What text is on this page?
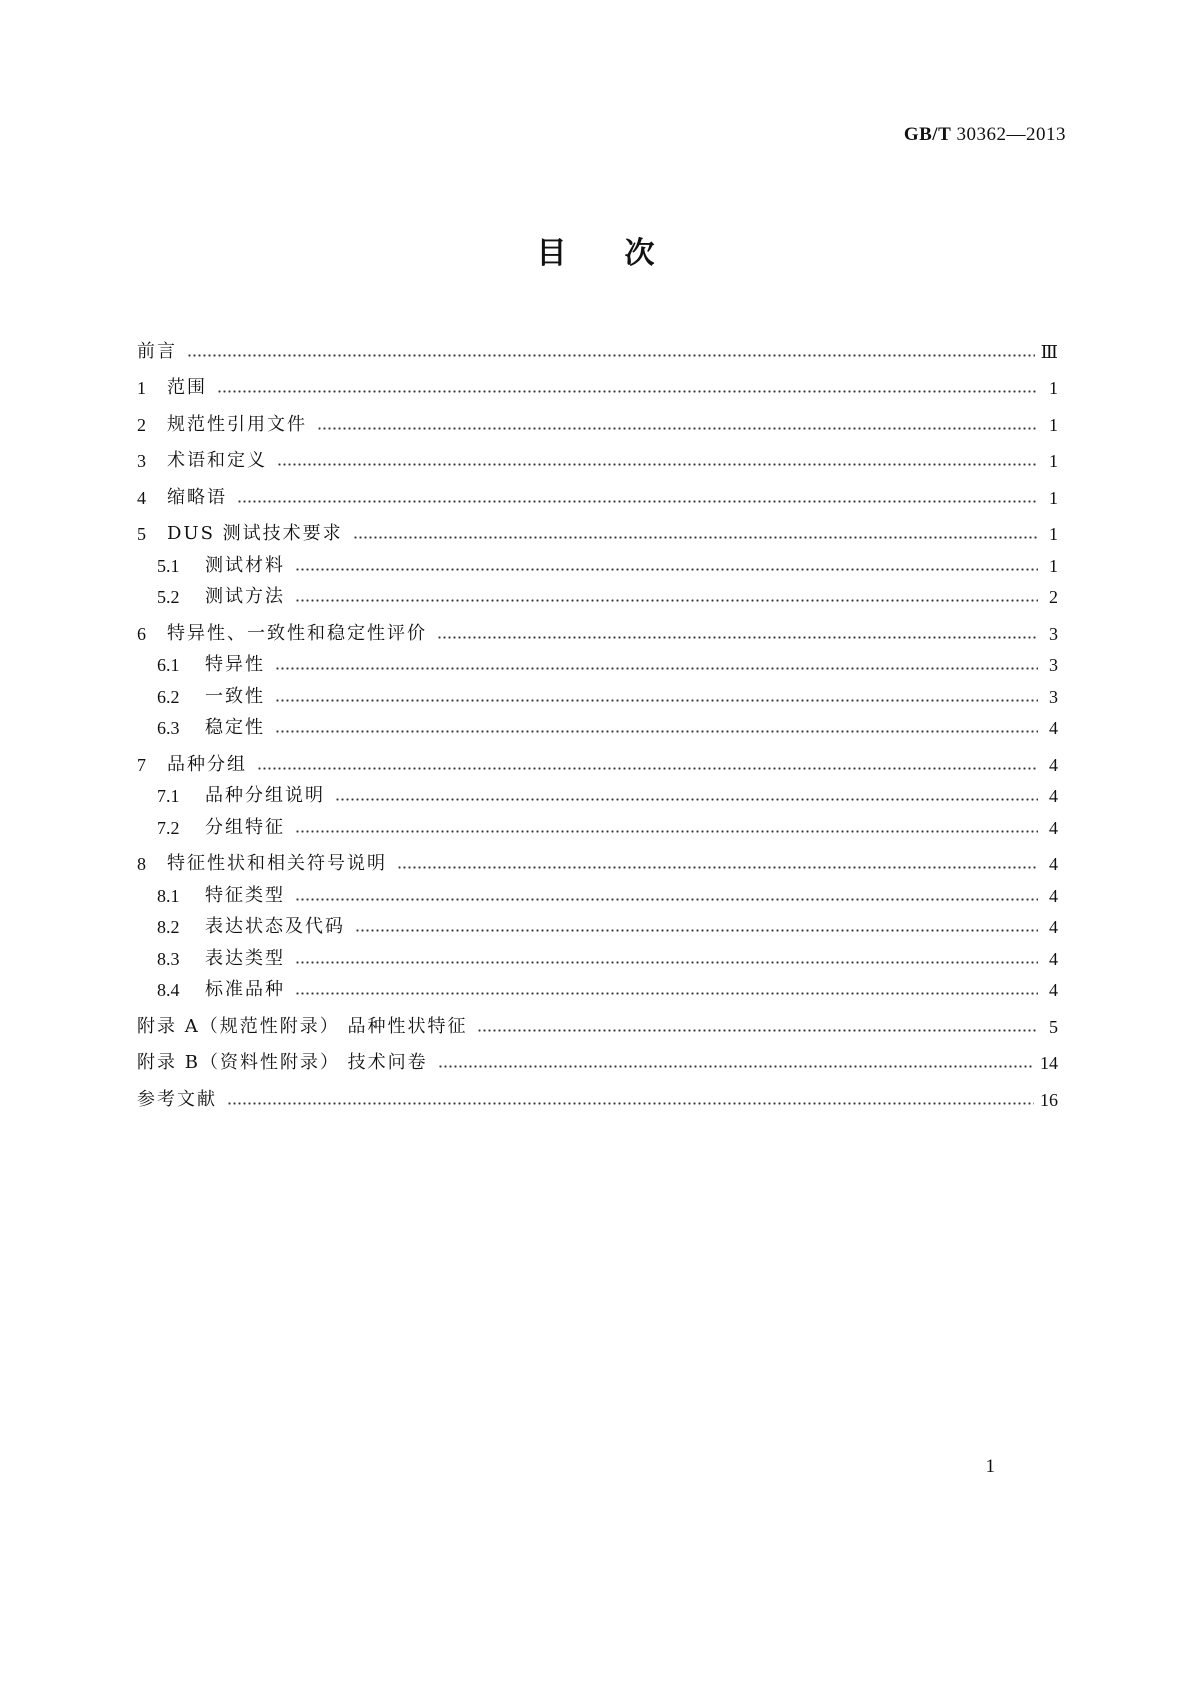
GB/T 30362—2013
目次
前言	Ⅲ
1	范围	1
2	规范性引用文件	1
3	术语和定义	1
4	缩略语	1
5	DUS 测试技术要求	1
5.1	测试材料	1
5.2	测试方法	2
6	特异性、一致性和稳定性评价	3
6.1	特异性	3
6.2	一致性	3
6.3	稳定性	4
7	品种分组	4
7.1	品种分组说明	4
7.2	分组特征	4
8	特征性状和相关符号说明	4
8.1	特征类型	4
8.2	表达状态及代码	4
8.3	表达类型	4
8.4	标准品种	4
附录 A（规范性附录） 品种性状特征	5
附录 B（资料性附录） 技术问卷	14
参考文献	16
1
